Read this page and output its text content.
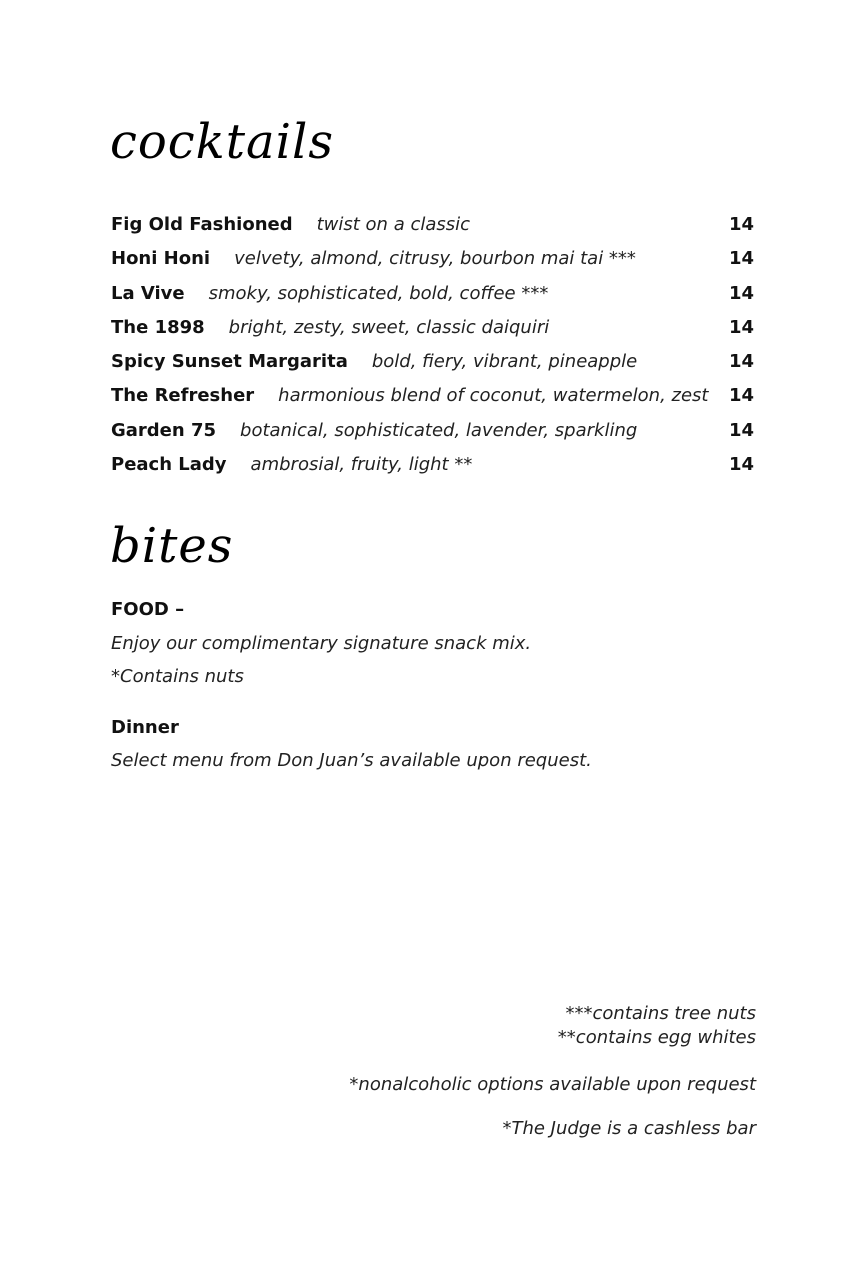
cocktails
Fig Old Fashioned twist on a classic	14
Honi Honi velvety, almond, citrusy, bourbon mai tai ***	14
La Vive smoky, sophisticated, bold, coffee ***	14
The 1898 bright, zesty, sweet, classic daiquiri	14
Spicy Sunset Margarita bold, fiery, vibrant, pineapple	14
The Refresher harmonious blend of coconut, watermelon, zest	14
Garden 75 botanical, sophisticated, lavender, sparkling	14
Peach Lady ambrosial, fruity, light **	14
bites

FOOD –

Enjoy our complimentary signature snack mix.

*Contains nuts

Dinner

Select menu from Don Juan’s available upon request.

***contains tree nuts

**contains egg whites

*nonalcoholic options available upon request

*The Judge is a cashless bar
